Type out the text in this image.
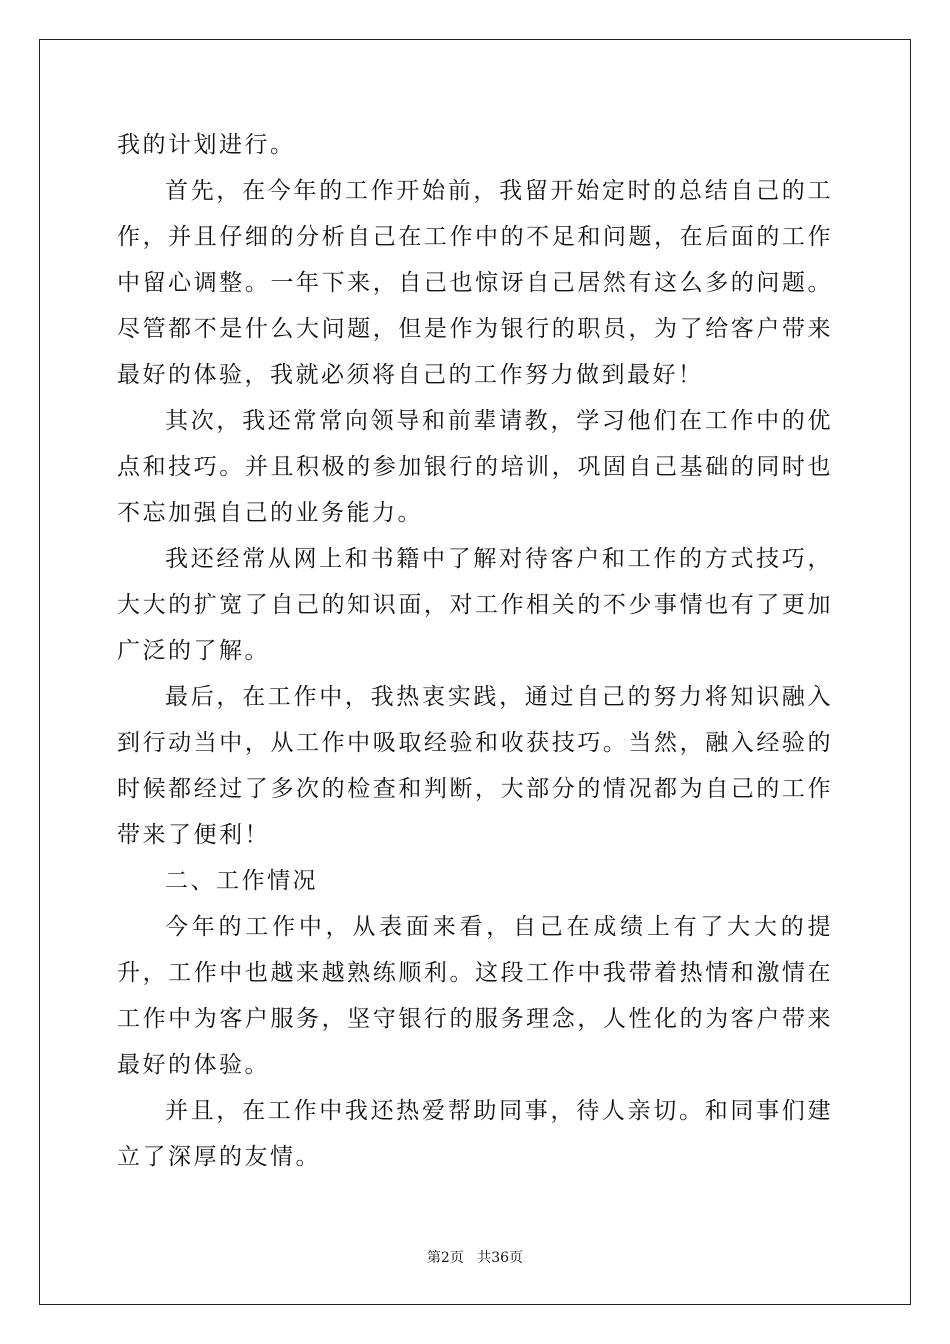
我的计划进行。

首先，在今年的工作开始前，我留开始定时的总结自己的工作，并且仔细的分析自己在工作中的不足和问题，在后面的工作中留心调整。一年下来，自己也惊讶自己居然有这么多的问题。尽管都不是什么大问题，但是作为银行的职员，为了给客户带来最好的体验，我就必须将自己的工作努力做到最好！

其次，我还常常向领导和前辈请教，学习他们在工作中的优点和技巧。并且积极的参加银行的培训，巩固自己基础的同时也不忘加强自己的业务能力。

我还经常从网上和书籍中了解对待客户和工作的方式技巧，大大的扩宽了自己的知识面，对工作相关的不少事情也有了更加广泛的了解。

最后，在工作中，我热衷实践，通过自己的努力将知识融入到行动当中，从工作中吸取经验和收获技巧。当然，融入经验的时候都经过了多次的检查和判断，大部分的情况都为自己的工作带来了便利！

二、工作情况

今年的工作中，从表面来看，自己在成绩上有了大大的提升，工作中也越来越熟练顺利。这段工作中我带着热情和激情在工作中为客户服务，坚守银行的服务理念，人性化的为客户带来最好的体验。

并且，在工作中我还热爱帮助同事，待人亲切。和同事们建立了深厚的友情。

第2页 共36页
